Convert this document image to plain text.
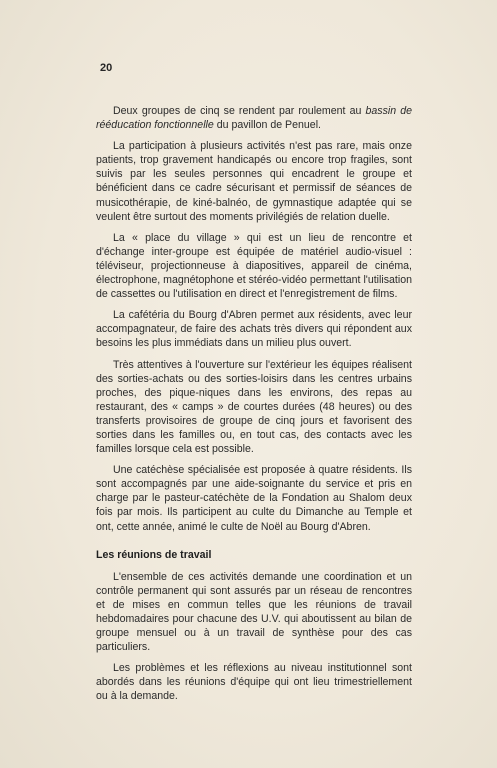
20

Deux groupes de cinq se rendent par roulement au bassin de rééducation fonctionnelle du pavillon de Penuel.

La participation à plusieurs activités n'est pas rare, mais onze patients, trop gravement handicapés ou encore trop fragiles, sont suivis par les seules personnes qui encadrent le groupe et bénéficient dans ce cadre sécurisant et permissif de séances de musicothérapie, de kiné-balnéo, de gymnastique adaptée qui se veulent être surtout des moments privilégiés de relation duelle.

La « place du village » qui est un lieu de rencontre et d'échange inter-groupe est équipée de matériel audio-visuel : téléviseur, projectionneuse à diapositives, appareil de cinéma, électrophone, magnétophone et stéréo-vidéo permettant l'utilisation de cassettes ou l'utilisation en direct et l'enregistrement de films.

La cafétéria du Bourg d'Abren permet aux résidents, avec leur accompagnateur, de faire des achats très divers qui répondent aux besoins les plus immédiats dans un milieu plus ouvert.

Très attentives à l'ouverture sur l'extérieur les équipes réalisent des sorties-achats ou des sorties-loisirs dans les centres urbains proches, des pique-niques dans les environs, des repas au restaurant, des « camps » de courtes durées (48 heures) ou des transferts provisoires de groupe de cinq jours et favorisent des sorties dans les familles ou, en tout cas, des contacts avec les familles lorsque cela est possible.

Une catéchèse spécialisée est proposée à quatre résidents. Ils sont accompagnés par une aide-soignante du service et pris en charge par le pasteur-catéchète de la Fondation au Shalom deux fois par mois. Ils participent au culte du Dimanche au Temple et ont, cette année, animé le culte de Noël au Bourg d'Abren.

Les réunions de travail

L'ensemble de ces activités demande une coordination et un contrôle permanent qui sont assurés par un réseau de rencontres et de mises en commun telles que les réunions de travail hebdomadaires pour chacune des U.V. qui aboutissent au bilan de groupe mensuel ou à un travail de synthèse pour des cas particuliers.

Les problèmes et les réflexions au niveau institutionnel sont abordés dans les réunions d'équipe qui ont lieu trimestriellement ou à la demande.
